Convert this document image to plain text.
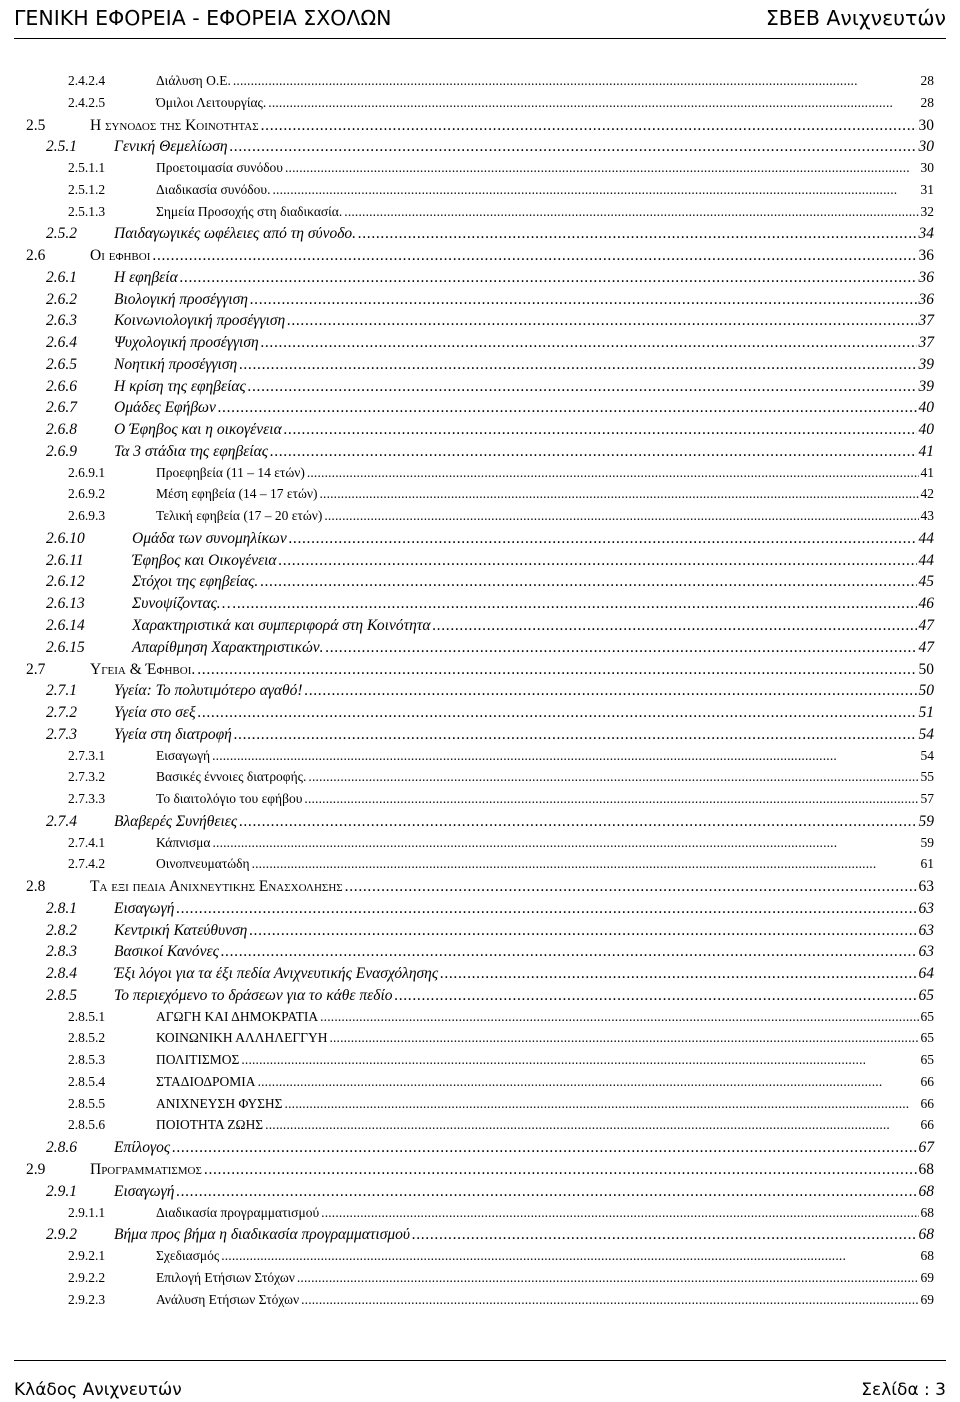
ΓΕΝΙΚΗ ΕΦΟΡΕΙΑ - ΕΦΟΡΕΙΑ ΣΧΟΛΩΝ	ΣΒΕΒ Ανιχνευτών
2.4.2.4	Διάλυση Ο.Ε. . . .	28
2.4.2.5	Όμιλοι Λειτουργίας. . . .	28
2.5	Η συνοδος της Κοινοτητας . . .	30
2.5.1	Γενική Θεμελίωση . . .	30
2.5.1.1	Προετοιμασία συνόδου . . .	30
2.5.1.2	Διαδικασία συνόδου. . . .	31
2.5.1.3	Σημεία Προσοχής στη διαδικασία. . . .	32
2.5.2	Παιδαγωγικές ωφέλειες από τη σύνοδο. . . .	34
2.6	Οι εφηβοι . . .	36
2.6.1	Η εφηβεία . . .	36
2.6.2	Βιολογική προσέγγιση . . .	36
2.6.3	Κοινωνιολογική προσέγγιση . . .	37
2.6.4	Ψυχολογική προσέγγιση . . .	37
2.6.5	Νοητική προσέγγιση . . .	39
2.6.6	Η κρίση της εφηβείας . . .	39
2.6.7	Ομάδες Εφήβων . . .	40
2.6.8	Ο Έφηβος και η οικογένεια . . .	40
2.6.9	Τα 3 στάδια της εφηβείας . . .	41
2.6.9.1	Προεφηβεία (11 – 14 ετών) . . .	41
2.6.9.2	Μέση εφηβεία (14 – 17 ετών) . . .	42
2.6.9.3	Τελική εφηβεία (17 – 20 ετών) . . .	43
2.6.10	Ομάδα των συνομηλίκων . . .	44
2.6.11	Έφηβος και Οικογένεια . . .	44
2.6.12	Στόχοι της εφηβείας. . . .	45
2.6.13	Συνοψίζοντας… . . .	46
2.6.14	Χαρακτηριστικά και συμπεριφορά στη Κοινότητα . . .	47
2.6.15	Απαρίθμηση Χαρακτηριστικών. . . .	47
2.7	Υγεια & Έφηβοι. . . .	50
2.7.1	Υγεία: Το πολυτιμότερο αγαθό! . . .	50
2.7.2	Υγεία στο σεξ . . .	51
2.7.3	Υγεία στη διατροφή . . .	54
2.7.3.1	Εισαγωγή . . .	54
2.7.3.2	Βασικές έννοιες διατροφής. . . .	55
2.7.3.3	Το διαιτολόγιο του εφήβου . . .	57
2.7.4	Βλαβερές Συνήθειες . . .	59
2.7.4.1	Κάπνισμα . . .	59
2.7.4.2	Οινοπνευματώδη . . .	61
2.8	Τα εξι πεδια Ανιχνευτικης Ενασχολησης . . .	63
2.8.1	Εισαγωγή . . .	63
2.8.2	Κεντρική Κατεύθυνση . . .	63
2.8.3	Βασικοί Κανόνες . . .	63
2.8.4	Έξι λόγοι για τα έξι πεδία Ανιχνευτικής Ενασχόλησης . . .	64
2.8.5	Το περιεχόμενο το δράσεων για το κάθε πεδίο . . .	65
2.8.5.1	ΑΓΩΓΗ ΚΑΙ ΔΗΜΟΚΡΑΤΙΑ . . .	65
2.8.5.2	ΚΟΙΝΩΝΙΚΗ ΑΛΛΗΛΕΓΓΥΗ . . .	65
2.8.5.3	ΠΟΛΙΤΙΣΜΟΣ . . .	65
2.8.5.4	ΣΤΑΔΙΟΔΡΟΜΙΑ . . .	66
2.8.5.5	ΑΝΙΧΝΕΥΣΗ ΦΥΣΗΣ . . .	66
2.8.5.6	ΠΟΙΟΤΗΤΑ ΖΩΗΣ . . .	66
2.8.6	Επίλογος . . .	67
2.9	Προγραμματισμος . . .	68
2.9.1	Εισαγωγή . . .	68
2.9.1.1	Διαδικασία προγραμματισμού . . .	68
2.9.2	Βήμα προς βήμα η διαδικασία προγραμματισμού . . .	68
2.9.2.1	Σχεδιασμός . . .	68
2.9.2.2	Επιλογή Ετήσιων Στόχων . . .	69
2.9.2.3	Ανάλυση Ετήσιων Στόχων . . .	69
Κλάδος Ανιχνευτών	Σελίδα : 3
